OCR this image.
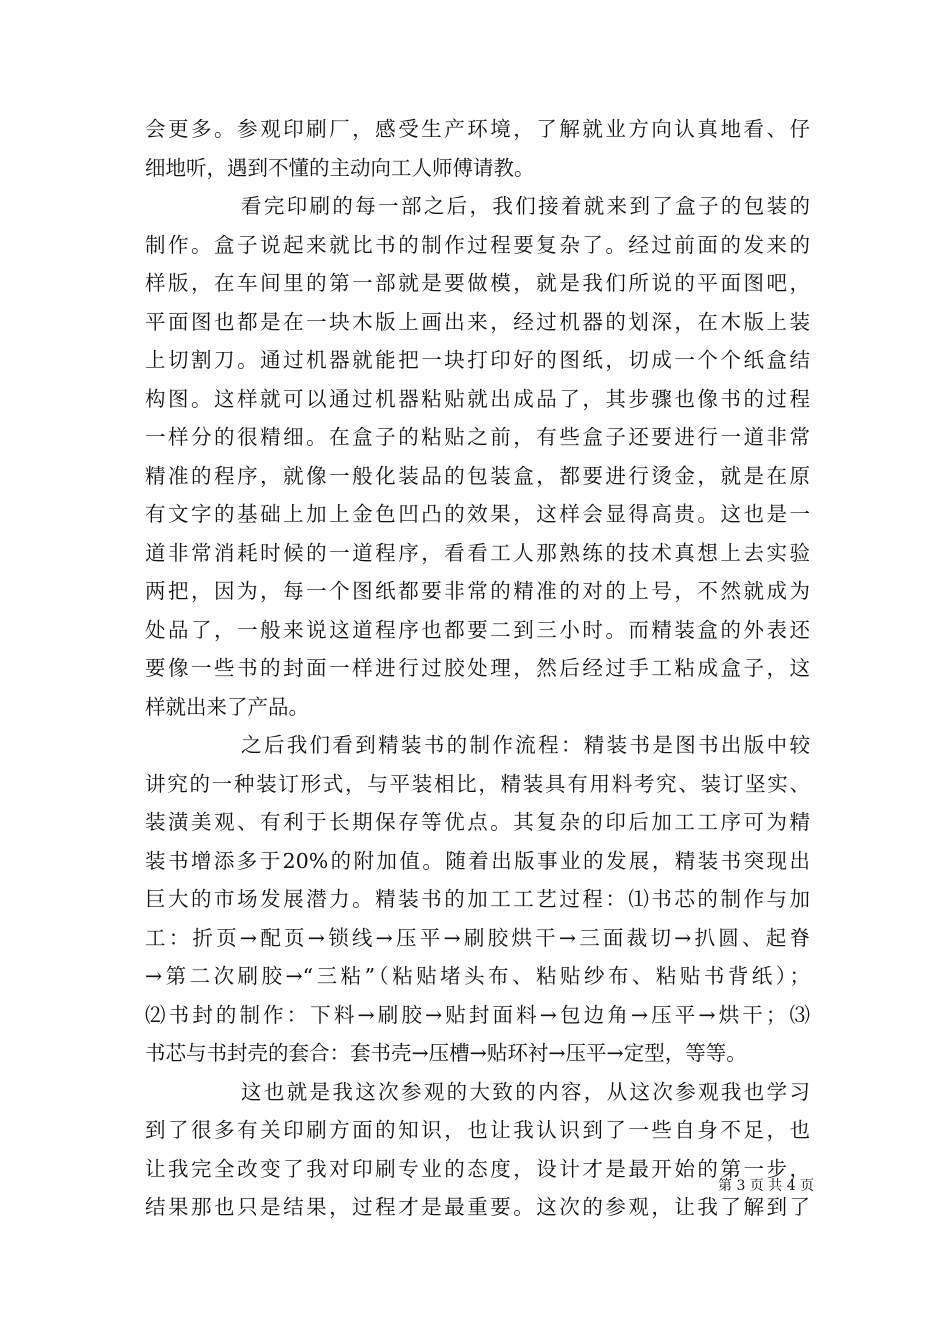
会更多。参观印刷厂，感受生产环境，了解就业方向认真地看、仔
细地听，遇到不懂的主动向工人师傅请教。
看完印刷的每一部之后，我们接着就来到了盒子的包装的
制作。盒子说起来就比书的制作过程要复杂了。经过前面的发来的
样版，在车间里的第一部就是要做模，就是我们所说的平面图吧，
平面图也都是在一块木版上画出来，经过机器的划深，在木版上装
上切割刀。通过机器就能把一块打印好的图纸，切成一个个纸盒结
构图。这样就可以通过机器粘贴就出成品了，其步骤也像书的过程
一样分的很精细。在盒子的粘贴之前，有些盒子还要进行一道非常
精准的程序，就像一般化装品的包装盒，都要进行烫金，就是在原
有文字的基础上加上金色凹凸的效果，这样会显得高贵。这也是一
道非常消耗时候的一道程序，看看工人那熟练的技术真想上去实验
两把，因为，每一个图纸都要非常的精准的对的上号，不然就成为
处品了，一般来说这道程序也都要二到三小时。而精装盒的外表还
要像一些书的封面一样进行过胶处理，然后经过手工粘成盒子，这
样就出来了产品。
之后我们看到精装书的制作流程：精装书是图书出版中较
讲究的一种装订形式，与平装相比，精装具有用料考究、装订坚实、
装潢美观、有利于长期保存等优点。其复杂的印后加工工序可为精
装书增添多于20%的附加值。随着出版事业的发展，精装书突现出
巨大的市场发展潜力。精装书的加工工艺过程：⑴书芯的制作与加
工：折页→配页→锁线→压平→刷胶烘干→三面裁切→扒圆、起脊
→第二次刷胶→“三粘”（粘贴堵头布、粘贴纱布、粘贴书背纸）；
⑵书封的制作：下料→刷胶→贴封面料→包边角→压平→烘干；⑶
书芯与书封壳的套合：套书壳→压槽→贴环衬→压平→定型，等等。
这也就是我这次参观的大致的内容，从这次参观我也学习
到了很多有关印刷方面的知识，也让我认识到了一些自身不足，也
让我完全改变了我对印刷专业的态度，设计才是最开始的第一步，
结果那也只是结果，过程才是最重要。这次的参观，让我了解到了
第 3 页 共 4 页
